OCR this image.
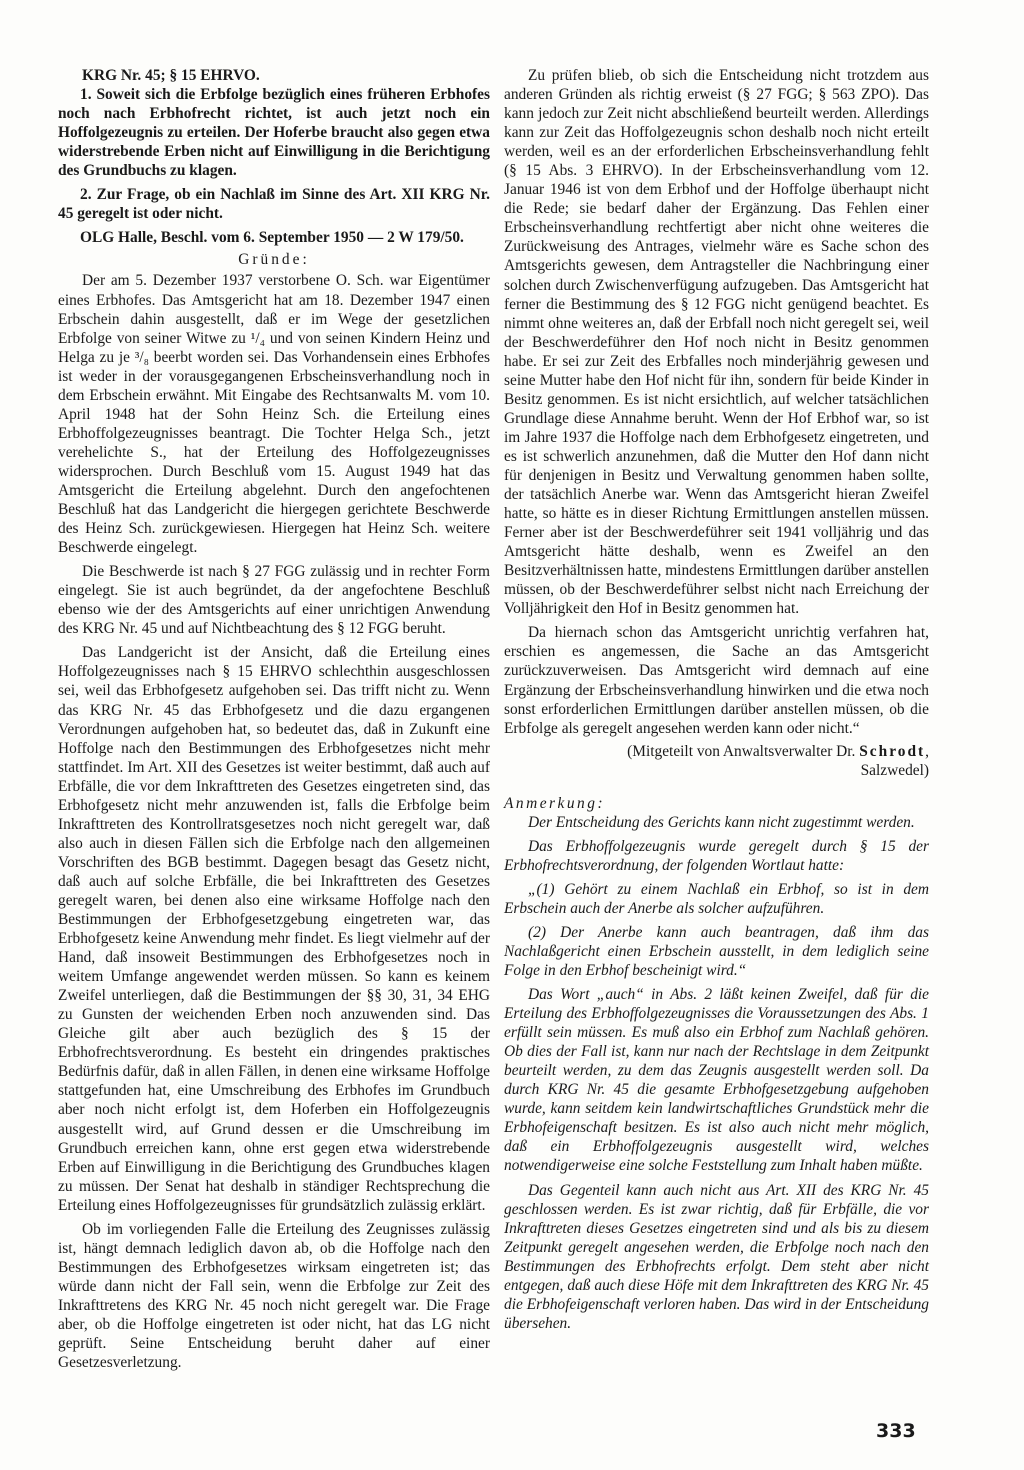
KRG Nr. 45; § 15 EHRVO.

1. Soweit sich die Erbfolge bezüglich eines früheren Erbhofes noch nach Erbhofrecht richtet, ist auch jetzt noch ein Hoffolgezeugnis zu erteilen. Der Hoferbe braucht also gegen etwa widerstrebende Erben nicht auf Einwilligung in die Berichtigung des Grundbuchs zu klagen.

2. Zur Frage, ob ein Nachlaß im Sinne des Art. XII KRG Nr. 45 geregelt ist oder nicht.

OLG Halle, Beschl. vom 6. September 1950 — 2 W 179/50.

Gründe:

Der am 5. Dezember 1937 verstorbene O. Sch. war Eigentümer eines Erbhofes. Das Amtsgericht hat am 18. Dezember 1947 einen Erbschein dahin ausgestellt, daß er im Wege der gesetzlichen Erbfolge von seiner Witwe zu ¹/₄ und von seinen Kindern Heinz und Helga zu je ³/₈ beerbt worden sei. Das Vorhandensein eines Erbhofes ist weder in der vorausgegangenen Erbscheinsverhandlung noch in dem Erbschein erwähnt. Mit Eingabe des Rechtsanwalts M. vom 10. April 1948 hat der Sohn Heinz Sch. die Erteilung eines Erbhoffolgezeugnisses beantragt. Die Tochter Helga Sch., jetzt verehelichte S., hat der Erteilung des Hoffolgezeugnisses widersprochen. Durch Beschluß vom 15. August 1949 hat das Amtsgericht die Erteilung abgelehnt. Durch den angefochtenen Beschluß hat das Landgericht die hiergegen gerichtete Beschwerde des Heinz Sch. zurückgewiesen. Hiergegen hat Heinz Sch. weitere Beschwerde eingelegt.

Die Beschwerde ist nach § 27 FGG zulässig und in rechter Form eingelegt. Sie ist auch begründet, da der angefochtene Beschluß ebenso wie der des Amtsgerichts auf einer unrichtigen Anwendung des KRG Nr. 45 und auf Nichtbeachtung des § 12 FGG beruht.

Das Landgericht ist der Ansicht, daß die Erteilung eines Hoffolgezeugnisses nach § 15 EHRVO schlechthin ausgeschlossen sei, weil das Erbhofgesetz aufgehoben sei. Das trifft nicht zu. Wenn das KRG Nr. 45 das Erbhofgesetz und die dazu ergangenen Verordnungen aufgehoben hat, so bedeutet das, daß in Zukunft eine Hoffolge nach den Bestimmungen des Erbhofgesetzes nicht mehr stattfindet. Im Art. XII des Gesetzes ist weiter bestimmt, daß auch auf Erbfälle, die vor dem Inkrafttreten des Gesetzes eingetreten sind, das Erbhofgesetz nicht mehr anzuwenden ist, falls die Erbfolge beim Inkrafttreten des Kontrollratsgesetzes noch nicht geregelt war, daß also auch in diesen Fällen sich die Erbfolge nach den allgemeinen Vorschriften des BGB bestimmt. Dagegen besagt das Gesetz nicht, daß auch auf solche Erbfälle, die bei Inkrafttreten des Gesetzes geregelt waren, bei denen also eine wirksame Hoffolge nach den Bestimmungen der Erbhofgesetzgebung eingetreten war, das Erbhofgesetz keine Anwendung mehr findet. Es liegt vielmehr auf der Hand, daß insoweit Bestimmungen des Erbhofgesetzes noch in weitem Umfange angewendet werden müssen. So kann es keinem Zweifel unterliegen, daß die Bestimmungen der §§ 30, 31, 34 EHG zu Gunsten der weichenden Erben noch anzuwenden sind. Das Gleiche gilt aber auch bezüglich des § 15 der Erbhofrechtsverordnung. Es besteht ein dringendes praktisches Bedürfnis dafür, daß in allen Fällen, in denen eine wirksame Hoffolge stattgefunden hat, eine Umschreibung des Erbhofes im Grundbuch aber noch nicht erfolgt ist, dem Hoferben ein Hoffolgezeugnis ausgestellt wird, auf Grund dessen er die Umschreibung im Grundbuch erreichen kann, ohne erst gegen etwa widerstrebende Erben auf Einwilligung in die Berichtigung des Grundbuches klagen zu müssen. Der Senat hat deshalb in ständiger Rechtsprechung die Erteilung eines Hoffolgezeugnisses für grundsätzlich zulässig erklärt.

Ob im vorliegenden Falle die Erteilung des Zeugnisses zulässig ist, hängt demnach lediglich davon ab, ob die Hoffolge nach den Bestimmungen des Erbhofgesetzes wirksam eingetreten ist; das würde dann nicht der Fall sein, wenn die Erbfolge zur Zeit des Inkrafttretens des KRG Nr. 45 noch nicht geregelt war. Die Frage aber, ob die Hoffolge eingetreten ist oder nicht, hat das LG nicht geprüft. Seine Entscheidung beruht daher auf einer Gesetzesverletzung.

Zu prüfen blieb, ob sich die Entscheidung nicht trotzdem aus anderen Gründen als richtig erweist (§ 27 FGG; § 563 ZPO). Das kann jedoch zur Zeit nicht abschließend beurteilt werden. Allerdings kann zur Zeit das Hoffolgezeugnis schon deshalb noch nicht erteilt werden, weil es an der erforderlichen Erbscheinsverhandlung fehlt (§ 15 Abs. 3 EHRVO). In der Erbscheinsverhandlung vom 12. Januar 1946 ist von dem Erbhof und der Hoffolge überhaupt nicht die Rede; sie bedarf daher der Ergänzung. Das Fehlen einer Erbscheinsverhandlung rechtfertigt aber nicht ohne weiteres die Zurückweisung des Antrages, vielmehr wäre es Sache schon des Amtsgerichts gewesen, dem Antragsteller die Nachbringung einer solchen durch Zwischenverfügung aufzugeben. Das Amtsgericht hat ferner die Bestimmung des § 12 FGG nicht genügend beachtet. Es nimmt ohne weiteres an, daß der Erbfall noch nicht geregelt sei, weil der Beschwerdeführer den Hof noch nicht in Besitz genommen habe. Er sei zur Zeit des Erbfalles noch minderjährig gewesen und seine Mutter habe den Hof nicht für ihn, sondern für beide Kinder in Besitz genommen. Es ist nicht ersichtlich, auf welcher tatsächlichen Grundlage diese Annahme beruht. Wenn der Hof Erbhof war, so ist im Jahre 1937 die Hoffolge nach dem Erbhofgesetz eingetreten, und es ist schwerlich anzunehmen, daß die Mutter den Hof dann nicht für denjenigen in Besitz und Verwaltung genommen haben sollte, der tatsächlich Anerbe war. Wenn das Amtsgericht hieran Zweifel hatte, so hätte es in dieser Richtung Ermittlungen anstellen müssen. Ferner aber ist der Beschwerdeführer seit 1941 volljährig und das Amtsgericht hätte deshalb, wenn es Zweifel an den Besitzverhältnissen hatte, mindestens Ermittlungen darüber anstellen müssen, ob der Beschwerdeführer selbst nicht nach Erreichung der Volljährigkeit den Hof in Besitz genommen hat.

Da hiernach schon das Amtsgericht unrichtig verfahren hat, erschien es angemessen, die Sache an das Amtsgericht zurückzuverweisen. Das Amtsgericht wird demnach auf eine Ergänzung der Erbscheinsverhandlung hinwirken und die etwa noch sonst erforderlichen Ermittlungen darüber anstellen müssen, ob die Erbfolge als geregelt angesehen werden kann oder nicht.“

(Mitgeteilt von Anwaltsverwalter Dr. Schrodt,
Salzwedel)

Anmerkung:

Der Entscheidung des Gerichts kann nicht zugestimmt werden.

Das Erbhoffolgezeugnis wurde geregelt durch § 15 der Erbhofrechtsverordnung, der folgenden Wortlaut hatte:

„(1) Gehört zu einem Nachlaß ein Erbhof, so ist in dem Erbschein auch der Anerbe als solcher aufzuführen.

(2) Der Anerbe kann auch beantragen, daß ihm das Nachlaßgericht einen Erbschein ausstellt, in dem lediglich seine Folge in den Erbhof bescheinigt wird.“

Das Wort „auch“ in Abs. 2 läßt keinen Zweifel, daß für die Erteilung des Erbhoffolgezeugnisses die Voraussetzungen des Abs. 1 erfüllt sein müssen. Es muß also ein Erbhof zum Nachlaß gehören. Ob dies der Fall ist, kann nur nach der Rechtslage in dem Zeitpunkt beurteilt werden, zu dem das Zeugnis ausgestellt werden soll. Da durch KRG Nr. 45 die gesamte Erbhofgesetzgebung aufgehoben wurde, kann seitdem kein landwirtschaftliches Grundstück mehr die Erbhofeigenschaft besitzen. Es ist also auch nicht mehr möglich, daß ein Erbhoffolgezeugnis ausgestellt wird, welches notwendigerweise eine solche Feststellung zum Inhalt haben müßte.

Das Gegenteil kann auch nicht aus Art. XII des KRG Nr. 45 geschlossen werden. Es ist zwar richtig, daß für Erbfälle, die vor Inkrafttreten dieses Gesetzes eingetreten sind und als bis zu diesem Zeitpunkt geregelt angesehen werden, die Erbfolge noch nach den Bestimmungen des Erbhofrechts erfolgt. Dem steht aber nicht entgegen, daß auch diese Höfe mit dem Inkrafttreten des KRG Nr. 45 die Erbhofeigenschaft verloren haben. Das wird in der Entscheidung übersehen.

333
